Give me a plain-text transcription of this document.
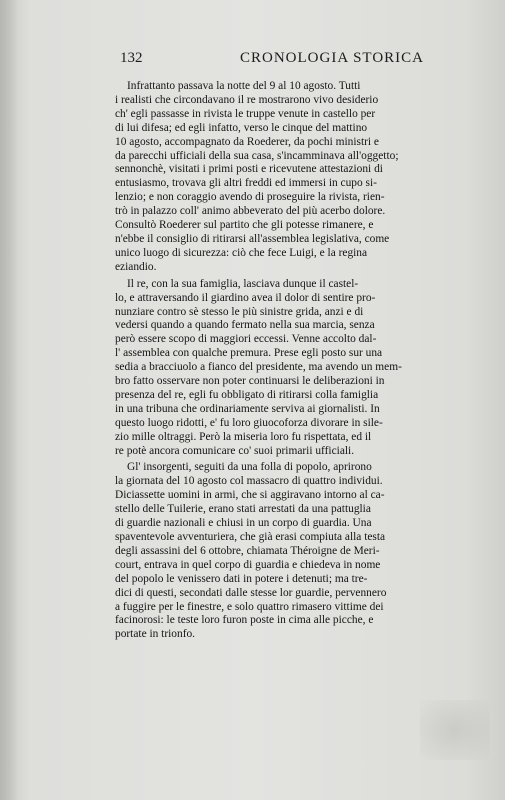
132	CRONOLOGIA STORICA
Infrattanto passava la notte del 9 al 10 agosto. Tutti
i realisti che circondavano il re mostrarono vivo desiderio
ch' egli passasse in rivista le truppe venute in castello per
di lui difesa; ed egli infatto, verso le cinque del mattino
10 agosto, accompagnato da Roederer, da pochi ministri e
da parecchi ufficiali della sua casa, s'incamminava all'oggetto;
sennonchè, visitati i primi posti e ricevutene attestazioni di
entusiasmo, trovava gli altri freddi ed immersi in cupo si-
lenzio; e non coraggio avendo di proseguire la rivista, rien-
trò in palazzo coll' animo abbeverato del più acerbo dolore.
Consultò Roederer sul partito che gli potesse rimanere, e
n'ebbe il consiglio di ritirarsi all'assemblea legislativa, come
unico luogo di sicurezza: ciò che fece Luigi, e la regina
eziandio.
Il re, con la sua famiglia, lasciava dunque il castel-
lo, e attraversando il giardino avea il dolor di sentire pro-
nunziare contro sè stesso le più sinistre grida, anzi e di
vedersi quando a quando fermato nella sua marcia, senza
però essere scopo di maggiori eccessi. Venne accolto dal-
l' assemblea con qualche premura. Prese egli posto sur una
sedia a bracciuolo a fianco del presidente, ma avendo un mem-
bro fatto osservare non poter continuarsi le deliberazioni in
presenza del re, egli fu obbligato di ritirarsi colla famiglia
in una tribuna che ordinariamente serviva ai giornalisti. In
questo luogo ridotti, e' fu loro giuocoforza divorare in sile-
zio mille oltraggi. Però la miseria loro fu rispettata, ed il
re potè ancora comunicare co' suoi primarii ufficiali.
Gl' insorgenti, seguiti da una folla di popolo, aprirono
la giornata del 10 agosto col massacro di quattro individui.
Diciassette uomini in armi, che si aggiravano intorno al ca-
stello delle Tuilerie, erano stati arrestati da una pattuglia
di guardie nazionali e chiusi in un corpo di guardia. Una
spaventevole avventuriera, che già erasi compiuta alla testa
degli assassini del 6 ottobre, chiamata Théroigne de Meri-
court, entrava in quel corpo di guardia e chiedeva in nome
del popolo le venissero dati in potere i detenuti; ma tre-
dici di questi, secondati dalle stesse lor guardie, pervennero
a fuggire per le finestre, e solo quattro rimasero vittime dei
facinorosi: le teste loro furon poste in cima alle picche, e
portate in trionfo.
